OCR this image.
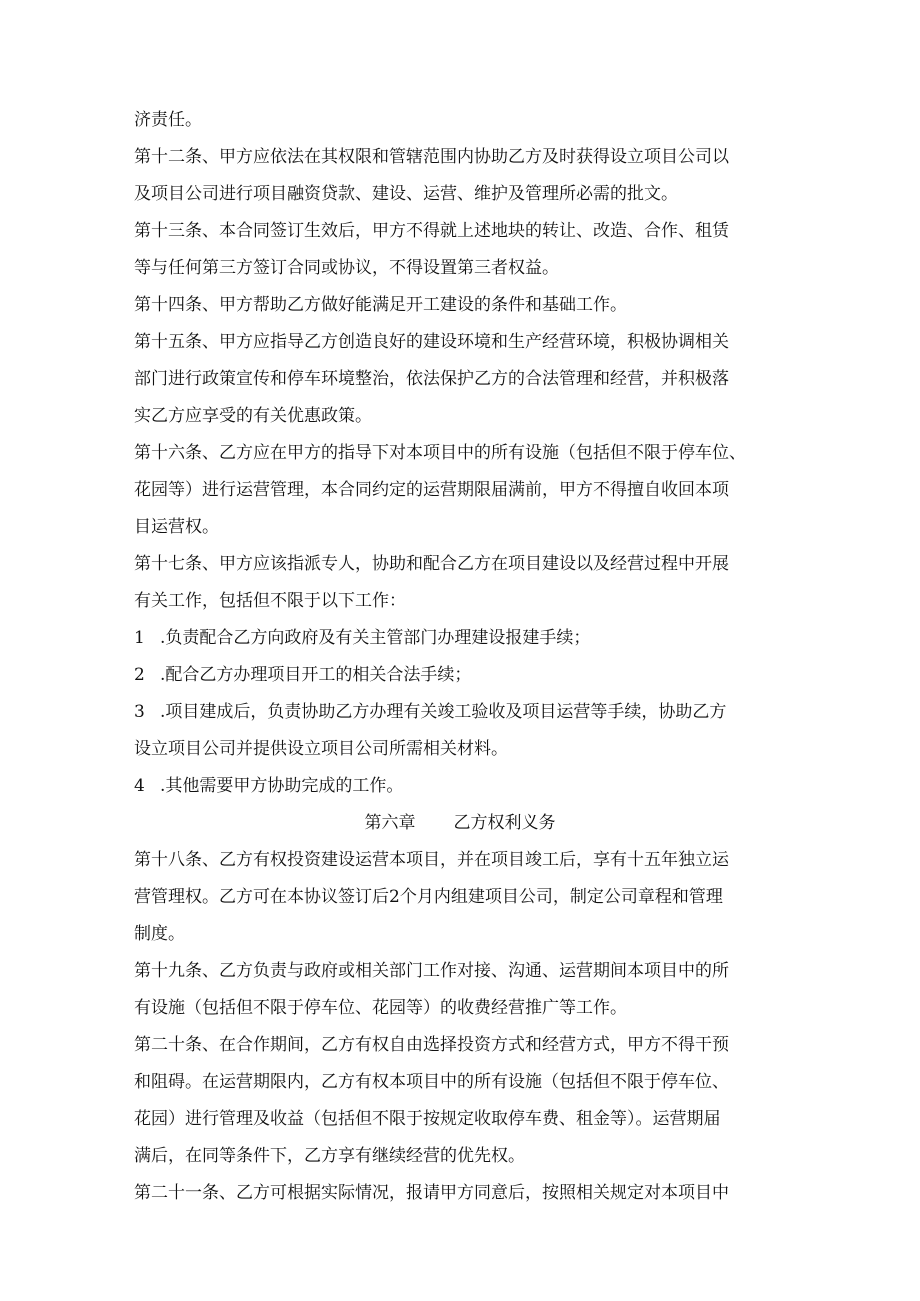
济责任。
第十二条、甲方应依法在其权限和管辖范围内协助乙方及时获得设立项目公司以
及项目公司进行项目融资贷款、建设、运营、维护及管理所必需的批文。
第十三条、本合同签订生效后，甲方不得就上述地块的转让、改造、合作、租赁
等与任何第三方签订合同或协议，不得设置第三者权益。
第十四条、甲方帮助乙方做好能满足开工建设的条件和基础工作。
第十五条、甲方应指导乙方创造良好的建设环境和生产经营环境，积极协调相关
部门进行政策宣传和停车环境整治，依法保护乙方的合法管理和经营，并积极落
实乙方应享受的有关优惠政策。
第十六条、乙方应在甲方的指导下对本项目中的所有设施（包括但不限于停车位、
花园等）进行运营管理，本合同约定的运营期限届满前，甲方不得擅自收回本项
目运营权。
第十七条、甲方应该指派专人，协助和配合乙方在项目建设以及经营过程中开展
有关工作，包括但不限于以下工作：
1 .负责配合乙方向政府及有关主管部门办理建设报建手续；
2 .配合乙方办理项目开工的相关合法手续；
3 .项目建成后，负责协助乙方办理有关竣工验收及项目运营等手续，协助乙方
设立项目公司并提供设立项目公司所需相关材料。
4 .其他需要甲方协助完成的工作。
第六章 乙方权利义务
第十八条、乙方有权投资建设运营本项目，并在项目竣工后，享有十五年独立运
营管理权。乙方可在本协议签订后2个月内组建项目公司，制定公司章程和管理
制度。
第十九条、乙方负责与政府或相关部门工作对接、沟通、运营期间本项目中的所
有设施（包括但不限于停车位、花园等）的收费经营推广等工作。
第二十条、在合作期间，乙方有权自由选择投资方式和经营方式，甲方不得干预
和阻碍。在运营期限内，乙方有权本项目中的所有设施（包括但不限于停车位、
花园）进行管理及收益（包括但不限于按规定收取停车费、租金等）。运营期届
满后，在同等条件下，乙方享有继续经营的优先权。
第二十一条、乙方可根据实际情况，报请甲方同意后，按照相关规定对本项目中
